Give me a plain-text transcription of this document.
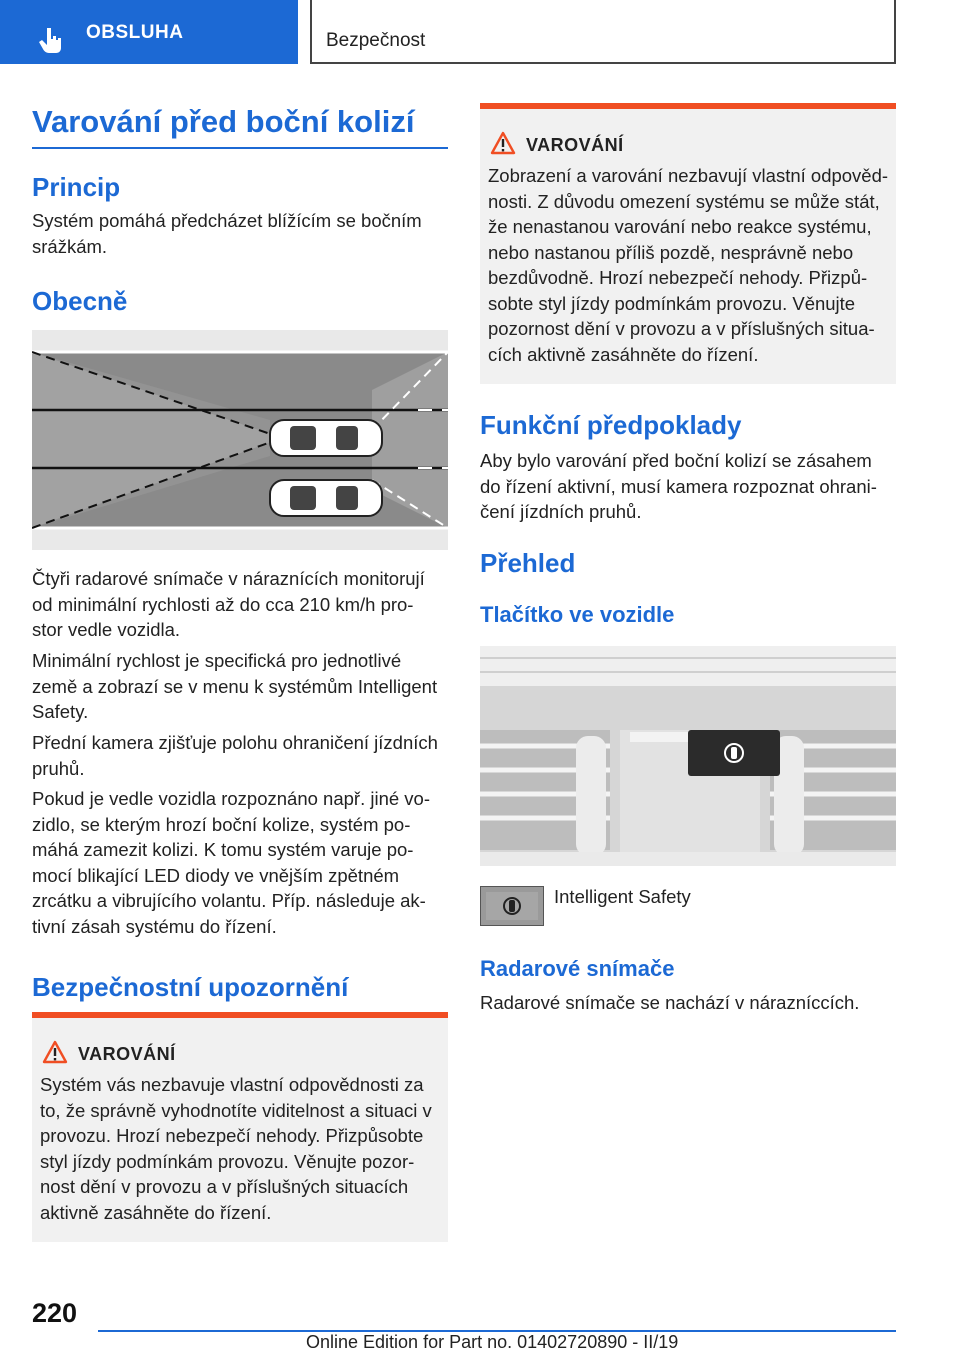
OBSLUHA	Bezpečnost
Varování před boční kolizí
Princip
Systém pomáhá předcházet blížícím se bočním
srážkám.
Obecně
Čtyři radarové snímače v náraznících monitorují
od minimální rychlosti až do cca 210 km/h pro-
stor vedle vozidla.
Minimální rychlost je specifická pro jednotlivé
země a zobrazí se v menu k systémům Intelligent
Safety.
Přední kamera zjišťuje polohu ohraničení jízdních
pruhů.
Pokud je vedle vozidla rozpoznáno např. jiné vo-
zidlo, se kterým hrozí boční kolize, systém po-
máhá zamezit kolizi. K tomu systém varuje po-
mocí blikající LED diody ve vnějším zpětném
zrcátku a vibrujícího volantu. Příp. následuje ak-
tivní zásah systému do řízení.
Bezpečnostní upozornění
VAROVÁNÍ
Systém vás nezbavuje vlastní odpovědnosti za
to, že správně vyhodnotíte viditelnost a situaci v
provozu. Hrozí nebezpečí nehody. Přizpůsobte
styl jízdy podmínkám provozu. Věnujte pozor-
nost dění v provozu a v příslušných situacích
aktivně zasáhněte do řízení.
VAROVÁNÍ
Zobrazení a varování nezbavují vlastní odpověd-
nosti. Z důvodu omezení systému se může stát,
že nenastanou varování nebo reakce systému,
nebo nastanou příliš pozdě, nesprávně nebo
bezdůvodně. Hrozí nebezpečí nehody. Přizpů-
sobte styl jízdy podmínkám provozu. Věnujte
pozornost dění v provozu a v příslušných situa-
cích aktivně zasáhněte do řízení.
Funkční předpoklady
Aby bylo varování před boční kolizí se zásahem
do řízení aktivní, musí kamera rozpoznat ohrani-
čení jízdních pruhů.
Přehled
Tlačítko ve vozidle
Intelligent Safety
Radarové snímače
Radarové snímače se nachází v nárazníccích.
220
Online Edition for Part no. 01402720890 - II/19
